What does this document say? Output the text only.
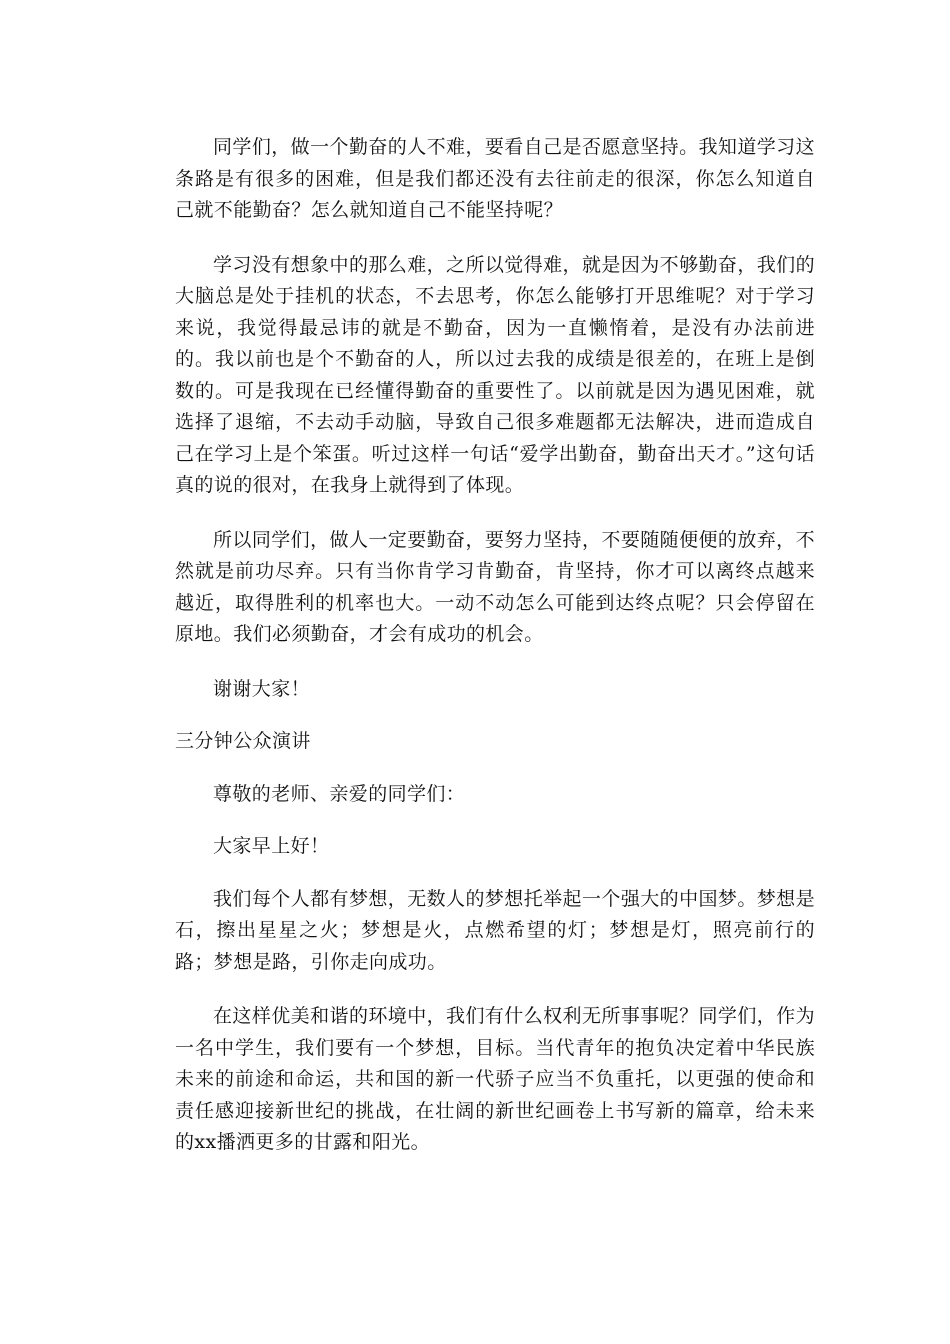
同学们，做一个勤奋的人不难，要看自己是否愿意坚持。我知道学习这条路是有很多的困难，但是我们都还没有去往前走的很深，你怎么知道自己就不能勤奋？怎么就知道自己不能坚持呢？

学习没有想象中的那么难，之所以觉得难，就是因为不够勤奋，我们的大脑总是处于挂机的状态，不去思考，你怎么能够打开思维呢？对于学习来说，我觉得最忌讳的就是不勤奋，因为一直懒惰着，是没有办法前进的。我以前也是个不勤奋的人，所以过去我的成绩是很差的，在班上是倒数的。可是我现在已经懂得勤奋的重要性了。以前就是因为遇见困难，就选择了退缩，不去动手动脑，导致自己很多难题都无法解决，进而造成自己在学习上是个笨蛋。听过这样一句话“爱学出勤奋，勤奋出天才。”这句话真的说的很对，在我身上就得到了体现。

所以同学们，做人一定要勤奋，要努力坚持，不要随随便便的放弃，不然就是前功尽弃。只有当你肯学习肯勤奋，肯坚持，你才可以离终点越来越近，取得胜利的机率也大。一动不动怎么可能到达终点呢？只会停留在原地。我们必须勤奋，才会有成功的机会。

谢谢大家！

三分钟公众演讲

尊敬的老师、亲爱的同学们：

大家早上好！

我们每个人都有梦想，无数人的梦想托举起一个强大的中国梦。梦想是石，擦出星星之火；梦想是火，点燃希望的灯；梦想是灯，照亮前行的路；梦想是路，引你走向成功。

在这样优美和谐的环境中，我们有什么权利无所事事呢？同学们，作为一名中学生，我们要有一个梦想，目标。当代青年的抱负决定着中华民族未来的前途和命运，共和国的新一代骄子应当不负重托，以更强的使命和责任感迎接新世纪的挑战，在壮阔的新世纪画卷上书写新的篇章，给未来的xx播洒更多的甘露和阳光。
